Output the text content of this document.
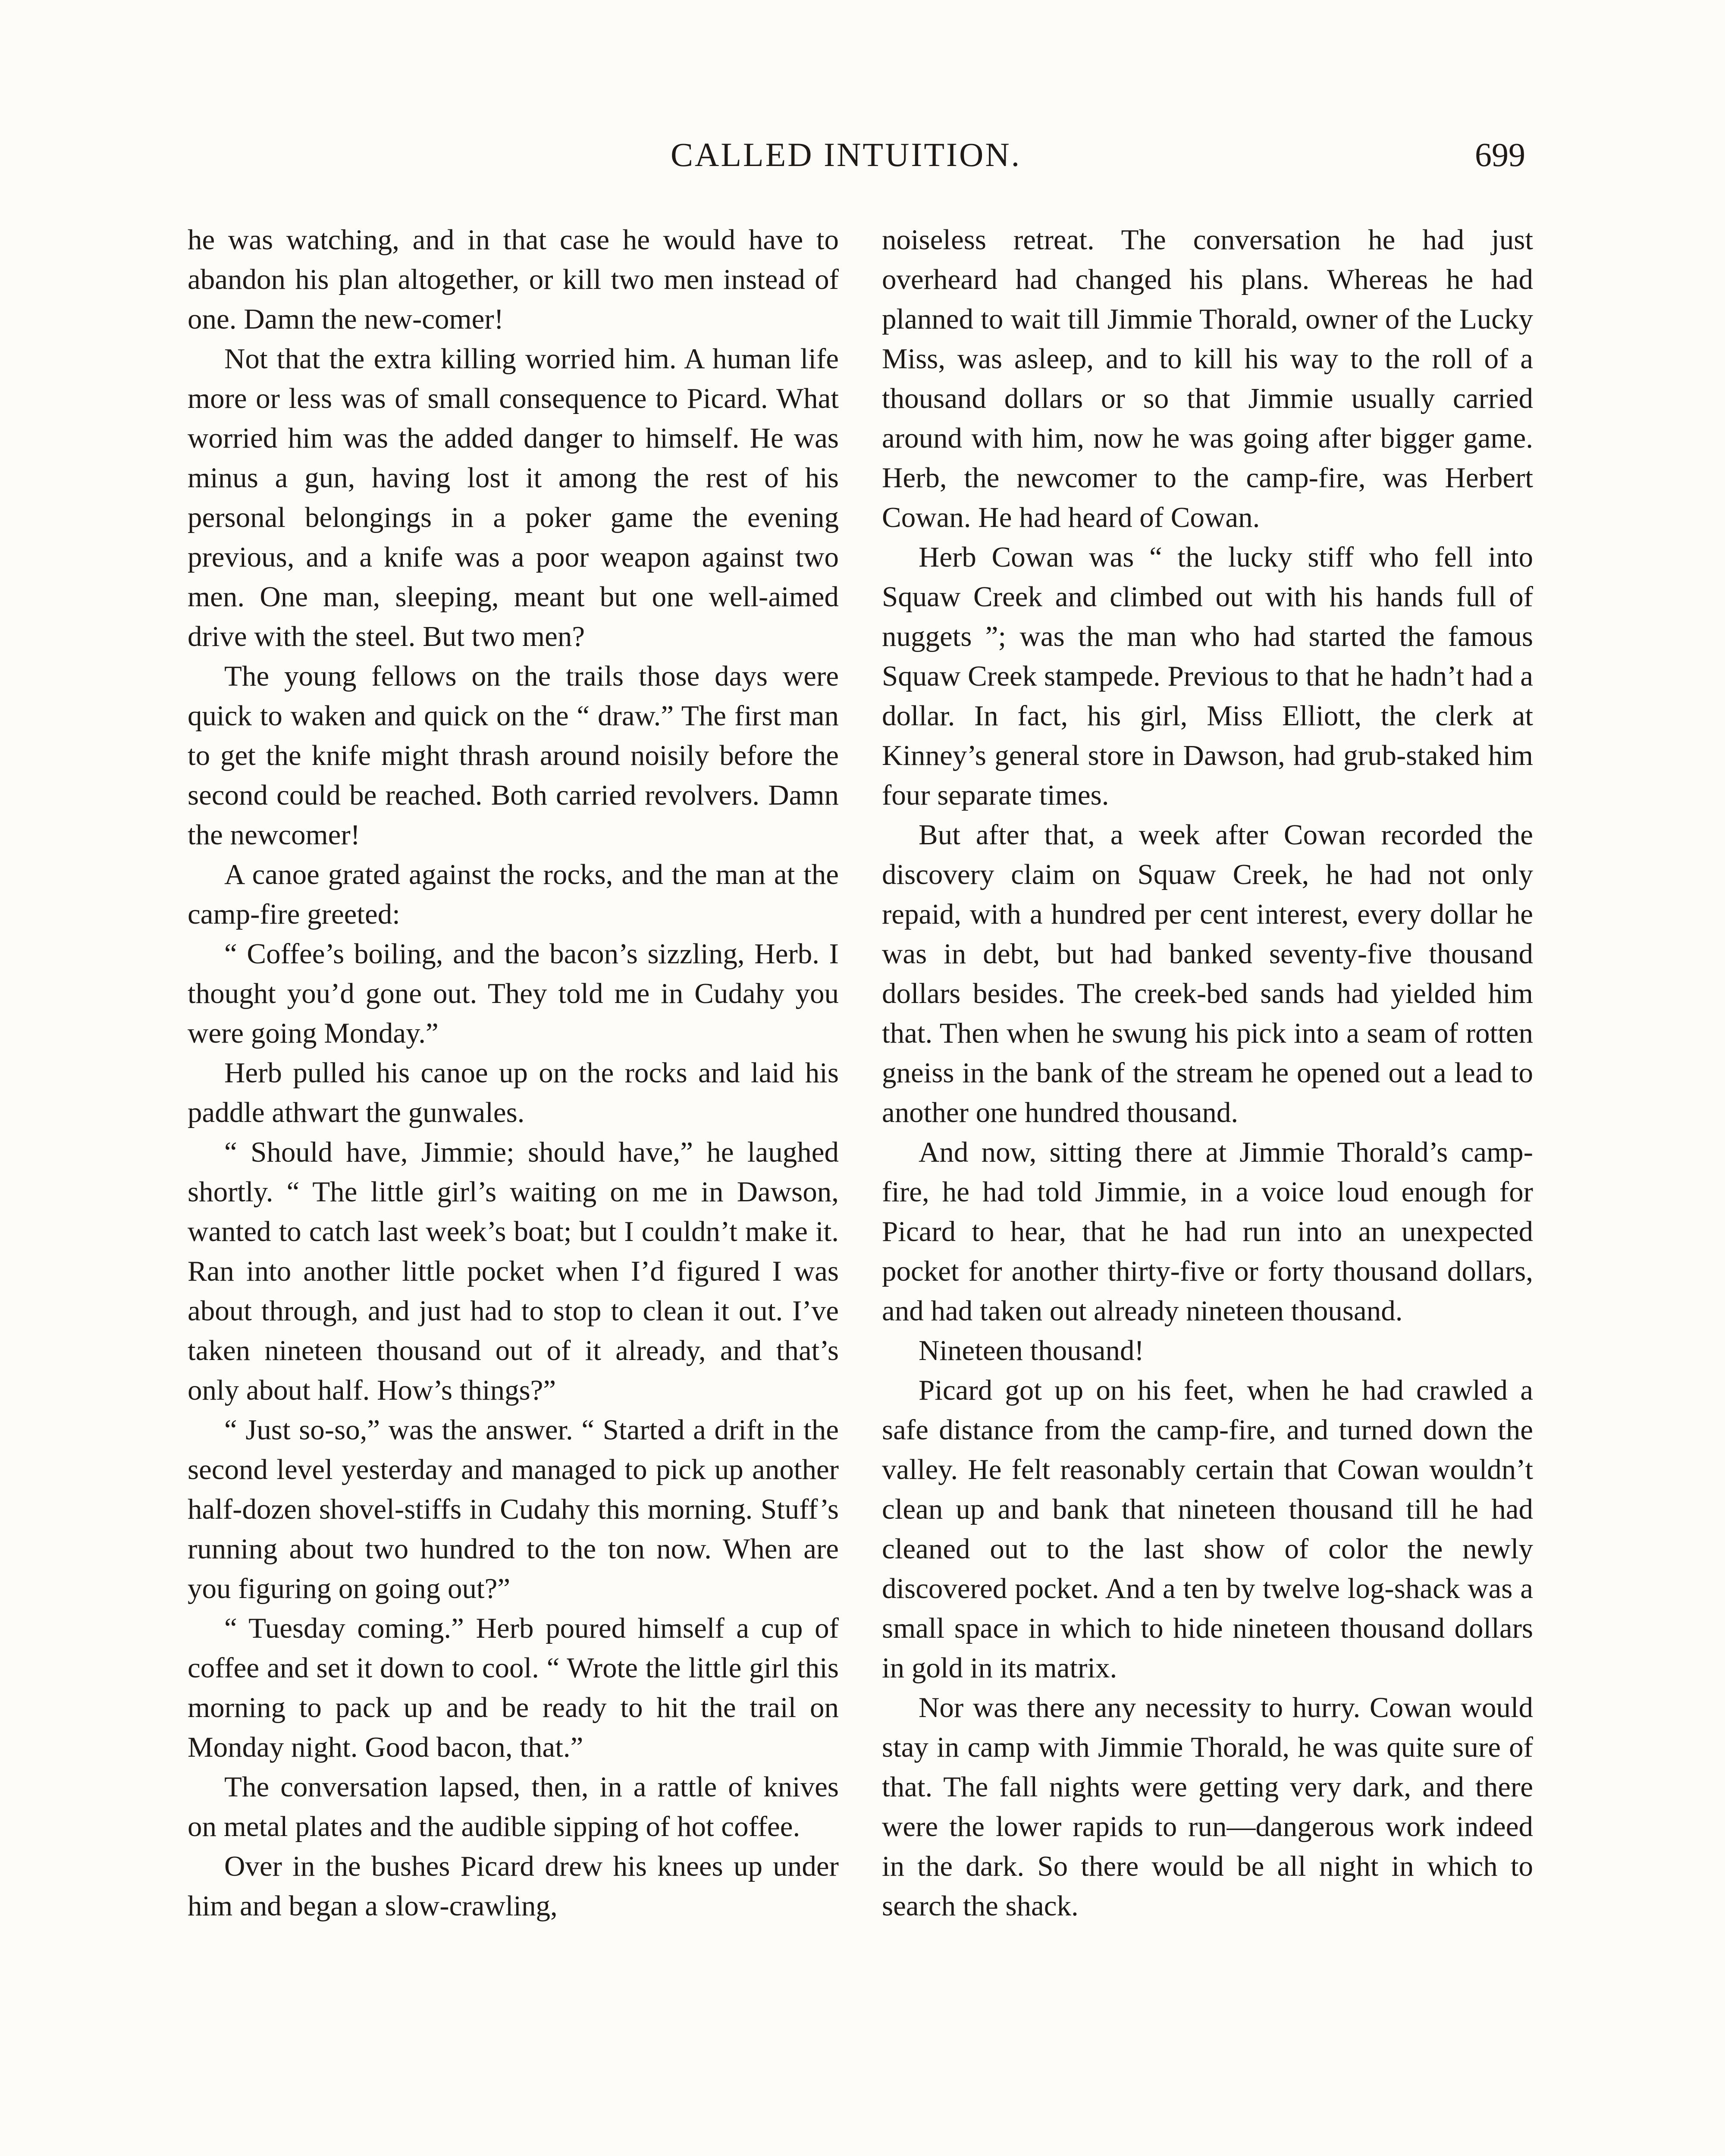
CALLED INTUITION.	699

he was watching, and in that case he would have to abandon his plan altogether, or kill two men instead of one. Damn the new-comer!

Not that the extra killing worried him. A human life more or less was of small consequence to Picard. What worried him was the added danger to himself. He was minus a gun, having lost it among the rest of his personal belongings in a poker game the evening previous, and a knife was a poor weapon against two men. One man, sleeping, meant but one well-aimed drive with the steel. But two men?

The young fellows on the trails those days were quick to waken and quick on the “ draw.” The first man to get the knife might thrash around noisily before the second could be reached. Both carried revolvers. Damn the newcomer!

A canoe grated against the rocks, and the man at the camp-fire greeted:

“ Coffee’s boiling, and the bacon’s sizzling, Herb. I thought you’d gone out. They told me in Cudahy you were going Monday.”

Herb pulled his canoe up on the rocks and laid his paddle athwart the gunwales.

“ Should have, Jimmie; should have,” he laughed shortly. “ The little girl’s waiting on me in Dawson, wanted to catch last week’s boat; but I couldn’t make it. Ran into another little pocket when I’d figured I was about through, and just had to stop to clean it out. I’ve taken nineteen thousand out of it already, and that’s only about half. How’s things?”

“ Just so-so,” was the answer. “ Started a drift in the second level yesterday and managed to pick up another half-dozen shovel-stiffs in Cudahy this morning. Stuff’s running about two hundred to the ton now. When are you figuring on going out?”

“ Tuesday coming.” Herb poured himself a cup of coffee and set it down to cool. “ Wrote the little girl this morning to pack up and be ready to hit the trail on Monday night. Good bacon, that.”

The conversation lapsed, then, in a rattle of knives on metal plates and the audible sipping of hot coffee.

Over in the bushes Picard drew his knees up under him and began a slow-crawling,

noiseless retreat. The conversation he had just overheard had changed his plans. Whereas he had planned to wait till Jimmie Thorald, owner of the Lucky Miss, was asleep, and to kill his way to the roll of a thousand dollars or so that Jimmie usually carried around with him, now he was going after bigger game. Herb, the newcomer to the camp-fire, was Herbert Cowan. He had heard of Cowan.

Herb Cowan was “ the lucky stiff who fell into Squaw Creek and climbed out with his hands full of nuggets ”; was the man who had started the famous Squaw Creek stampede. Previous to that he hadn’t had a dollar. In fact, his girl, Miss Elliott, the clerk at Kinney’s general store in Dawson, had grub-staked him four separate times.

But after that, a week after Cowan recorded the discovery claim on Squaw Creek, he had not only repaid, with a hundred per cent interest, every dollar he was in debt, but had banked seventy-five thousand dollars besides. The creek-bed sands had yielded him that. Then when he swung his pick into a seam of rotten gneiss in the bank of the stream he opened out a lead to another one hundred thousand.

And now, sitting there at Jimmie Thorald’s camp-fire, he had told Jimmie, in a voice loud enough for Picard to hear, that he had run into an unexpected pocket for another thirty-five or forty thousand dollars, and had taken out already nineteen thousand.

Nineteen thousand!

Picard got up on his feet, when he had crawled a safe distance from the camp-fire, and turned down the valley. He felt reasonably certain that Cowan wouldn’t clean up and bank that nineteen thousand till he had cleaned out to the last show of color the newly discovered pocket. And a ten by twelve log-shack was a small space in which to hide nineteen thousand dollars in gold in its matrix.

Nor was there any necessity to hurry. Cowan would stay in camp with Jimmie Thorald, he was quite sure of that. The fall nights were getting very dark, and there were the lower rapids to run—dangerous work indeed in the dark. So there would be all night in which to search the shack.
